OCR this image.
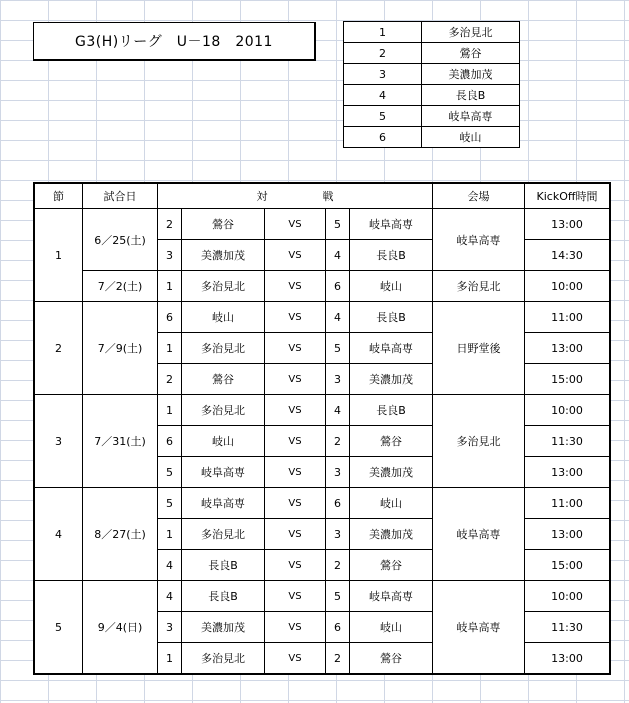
G3(H)リーグ　U－18　2011
1	多治見北
2	鶯谷
3	美濃加茂
4	長良B
5	岐阜高専
6	岐山
節	試合日	対　戦					会場	KickOff時間
1	6／25(土)	2	鶯谷	VS	5	岐阜高専	岐阜高専	13:00
		3	美濃加茂	VS	4	長良B		14:30
	7／2(土)	1	多治見北	VS	6	岐山	多治見北	10:00
2	7／9(土)	6	岐山	VS	4	長良B	日野堂後	11:00
		1	多治見北	VS	5	岐阜高専		13:00
		2	鶯谷	VS	3	美濃加茂		15:00
3	7／31(土)	1	多治見北	VS	4	長良B	多治見北	10:00
		6	岐山	VS	2	鶯谷		11:30
		5	岐阜高専	VS	3	美濃加茂		13:00
4	8／27(土)	5	岐阜高専	VS	6	岐山	岐阜高専	11:00
		1	多治見北	VS	3	美濃加茂		13:00
		4	長良B	VS	2	鶯谷		15:00
5	9／4(日)	4	長良B	VS	5	岐阜高専	岐阜高専	10:00
		3	美濃加茂	VS	6	岐山		11:30
		1	多治見北	VS	2	鶯谷		13:00
